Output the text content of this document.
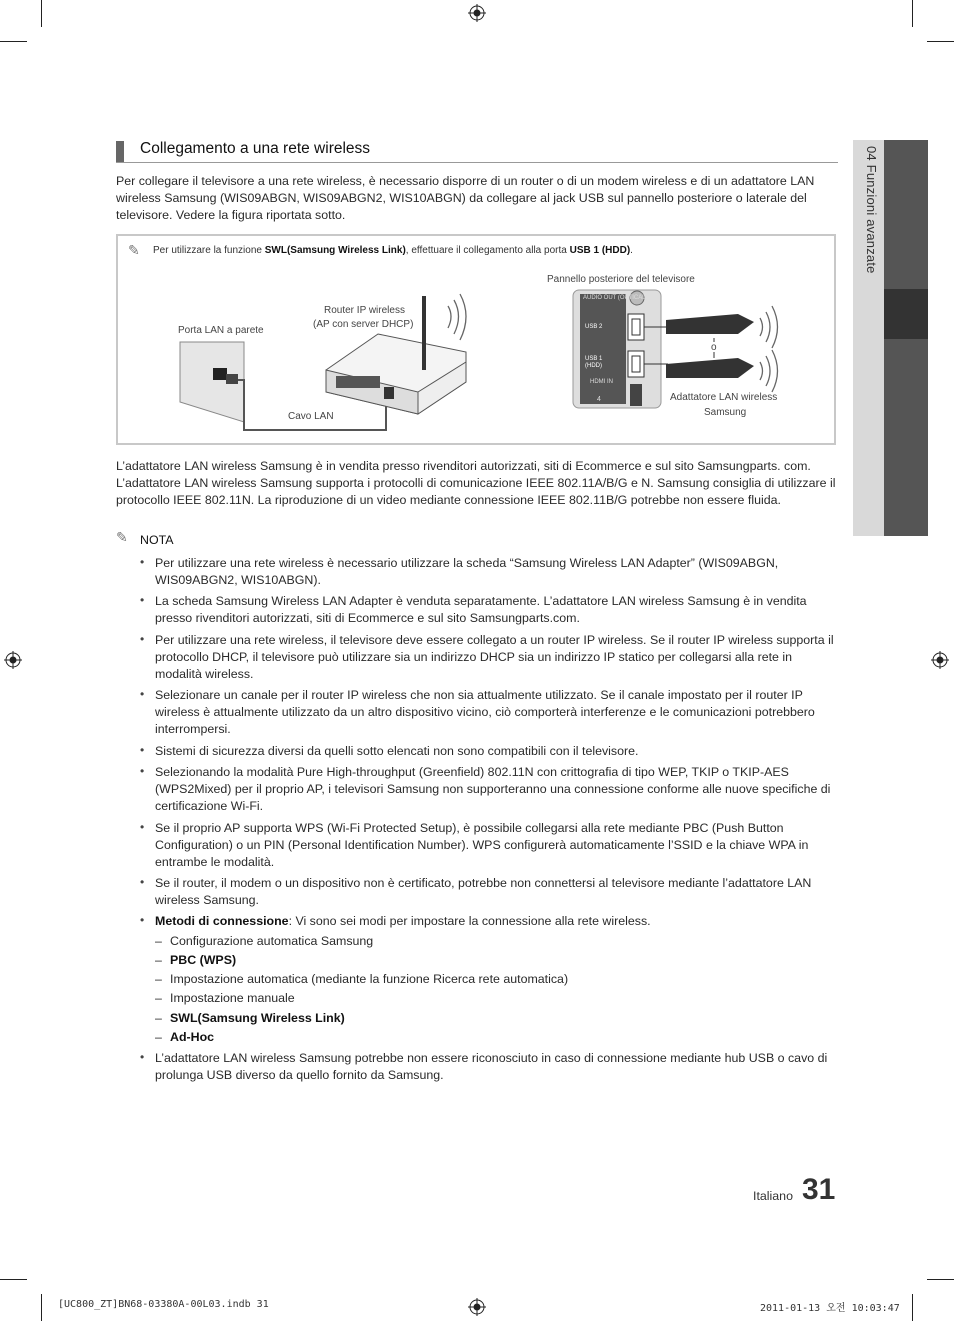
04 Funzioni avanzate
Collegamento a una rete wireless

Per collegare il televisore a una rete wireless, è necessario disporre di un router o di un modem wireless e di un adattatore LAN wireless Samsung (WIS09ABGN, WIS09ABGN2, WIS10ABGN) da collegare al jack USB sul pannello posteriore o laterale del televisore. Vedere la figura riportata sotto.

✎ Per utilizzare la funzione SWL(Samsung Wireless Link), effettuare il collegamento alla porta USB 1 (HDD).
AUDIO OUT (OPTICAL)
USB 2
USB 1
(HDD)
HDMI IN
4
Porta LAN a parete
Router IP wireless
(AP con server DHCP)
Cavo LAN
Pannello posteriore del televisore
o
Adattatore LAN wireless
Samsung

L’adattatore LAN wireless Samsung è in vendita presso rivenditori autorizzati, siti di Ecommerce e sul sito Samsungparts. com. L’adattatore LAN wireless Samsung supporta i protocolli di comunicazione IEEE 802.11A/B/G e N. Samsung consiglia di utilizzare il protocollo IEEE 802.11N. La riproduzione di un video mediante connessione IEEE 802.11B/G potrebbe non essere fluida.

✎ NOTA
• Per utilizzare una rete wireless è necessario utilizzare la scheda “Samsung Wireless LAN Adapter” (WIS09ABGN, WIS09ABGN2, WIS10ABGN).

• La scheda Samsung Wireless LAN Adapter è venduta separatamente. L’adattatore LAN wireless Samsung è in vendita presso rivenditori autorizzati, siti di Ecommerce e sul sito Samsungparts.com.

• Per utilizzare una rete wireless, il televisore deve essere collegato a un router IP wireless. Se il router IP wireless supporta il protocollo DHCP, il televisore può utilizzare sia un indirizzo DHCP sia un indirizzo IP statico per collegarsi alla rete in modalità wireless.

• Selezionare un canale per il router IP wireless che non sia attualmente utilizzato. Se il canale impostato per il router IP wireless è attualmente utilizzato da un altro dispositivo vicino, ciò comporterà interferenze e le comunicazioni potrebbero interrompersi.

• Sistemi di sicurezza diversi da quelli sotto elencati non sono compatibili con il televisore.

• Selezionando la modalità Pure High-throughput (Greenfield) 802.11N con crittografia di tipo WEP, TKIP o TKIP-AES (WPS2Mixed) per il proprio AP, i televisori Samsung non supporteranno una connessione conforme alle nuove specifiche di certificazione Wi-Fi.

• Se il proprio AP supporta WPS (Wi-Fi Protected Setup), è possibile collegarsi alla rete mediante PBC (Push Button Configuration) o un PIN (Personal Identification Number). WPS configurerà automaticamente l’SSID e la chiave WPA in entrambe le modalità.

• Se il router, il modem o un dispositivo non è certificato, potrebbe non connettersi al televisore mediante l’adattatore LAN wireless Samsung.

• Metodi di connessione: Vi sono sei modi per impostare la connessione alla rete wireless.

– Configurazione automatica Samsung
– PBC (WPS)
– Impostazione automatica (mediante la funzione Ricerca rete automatica)
– Impostazione manuale
– SWL(Samsung Wireless Link)
– Ad-Hoc
• L’adattatore LAN wireless Samsung potrebbe non essere riconosciuto in caso di connessione mediante hub USB o cavo di prolunga USB diverso da quello fornito da Samsung.

Italiano 31
[UC800_ZT]BN68-03380A-00L03.indb 31	2011-01-13 오전 10:03:47
